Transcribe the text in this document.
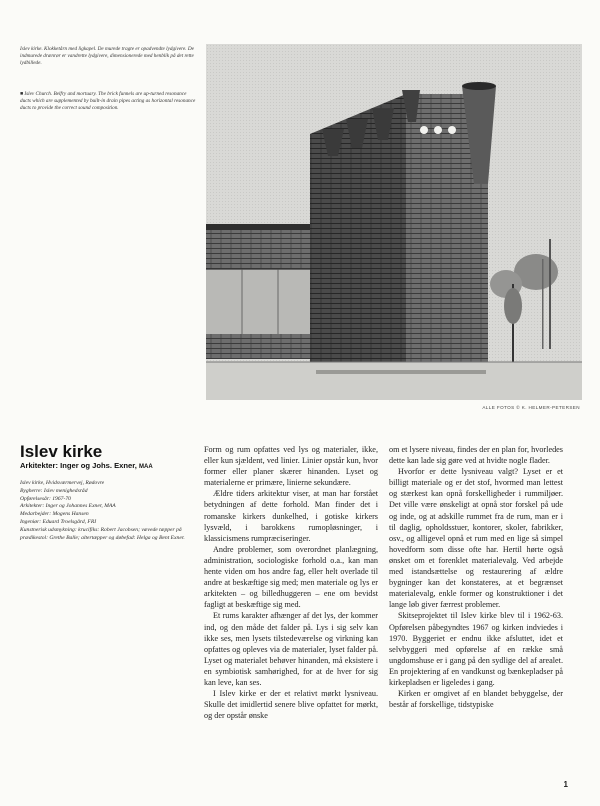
Islev kirke. Klokketårn med ligkapel. De murede tragte er opadvendte lydgivere. De indmurede drænrør er vandrette lydgivere, dimensionerede med henblik på det rette lydbillede.
■ Islev Church. Belfry and mortuary. The brick funnels are up-turned resonance ducts which are supplemented by built-in drain pipes acting as horizontal resonance ducts to provide the correct sound composition.
ALLE FOTOS © K. HELMER-PETERSEN
Islev kirke
Arkitekter: Inger og Johs. Exner, MAA
Islev kirke, Hvidsværmervej, Rødovre
Bygherre: Islev menighedsråd
Opførelsesår: 1967-70
Arkitekter: Inger og Johannes Exner, MAA
Medarbejder: Mogens Hansen
Ingeniør: Eduard Troelsgård, FRI
Kunstnerisk udsmykning: krucifiks: Robert Jacobsen; vævede tæpper på prædikestol: Grethe Balle; altertæpper og døbefad: Helga og Bent Exner.

Form og rum opfattes ved lys og materialer, ikke, eller kun sjældent, ved linier. Linier opstår kun, hvor former eller planer skærer hinanden. Lyset og materialerne er primære, linierne sekundære.

Ældre tiders arkitektur viser, at man har forstået betydningen af dette forhold. Man finder det i romanske kirkers dunkelhed, i gotiske kirkers lysvæld, i barokkens rumopløsninger, i klassicismens rumpræciseringer.

Andre problemer, som overordnet planlægning, administration, sociologiske forhold o.a., kan man hente viden om hos andre fag, eller helt overlade til andre at beskæftige sig med; men materiale og lys er arkitekten – og billedhuggeren – ene om bevidst fagligt at beskæftige sig med.

Et rums karakter afhænger af det lys, der kommer ind, og den måde det falder på. Lys i sig selv kan ikke ses, men lysets tilstedeværelse og virkning kan opfattes og opleves via de materialer, lyset falder på. Lyset og materialet behøver hinanden, må eksistere i en symbiotisk samhørighed, for at de hver for sig kan leve, kan ses.

I Islev kirke er der et relativt mørkt lysniveau. Skulle det imidlertid senere blive opfattet for mørkt, og der opstår ønske

om et lysere niveau, findes der en plan for, hvorledes dette kan lade sig gøre ved at hvidte nogle flader.

Hvorfor er dette lysniveau valgt? Lyset er et billigt materiale og er det stof, hvormed man lettest og stærkest kan opnå forskelligheder i rummiljøer. Det ville være ønskeligt at opnå stor forskel på ude og inde, og at adskille rummet fra de rum, man er i til daglig, opholdsstuer, kontorer, skoler, fabrikker, osv., og alligevel opnå et rum med en lige så simpel hovedform som disse ofte har. Hertil hørte også ønsket om et forenklet materialevalg. Ved arbejde med istandsættelse og restaurering af ældre bygninger kan det konstateres, at et begrænset materialevalg, enkle former og konstruktioner i det lange løb giver færrest problemer.

Skitseprojektet til Islev kirke blev til i 1962-63. Opførelsen påbegyndtes 1967 og kirken indviedes i 1970. Byggeriet er endnu ikke afsluttet, idet et selvbyggeri med opførelse af en række små ungdomshuse er i gang på den sydlige del af arealet. En projektering af en vandkunst og bænkepladser på kirkepladsen er ligeledes i gang.

Kirken er omgivet af en blandet bebyggelse, der består af forskellige, tidstypiske

1
